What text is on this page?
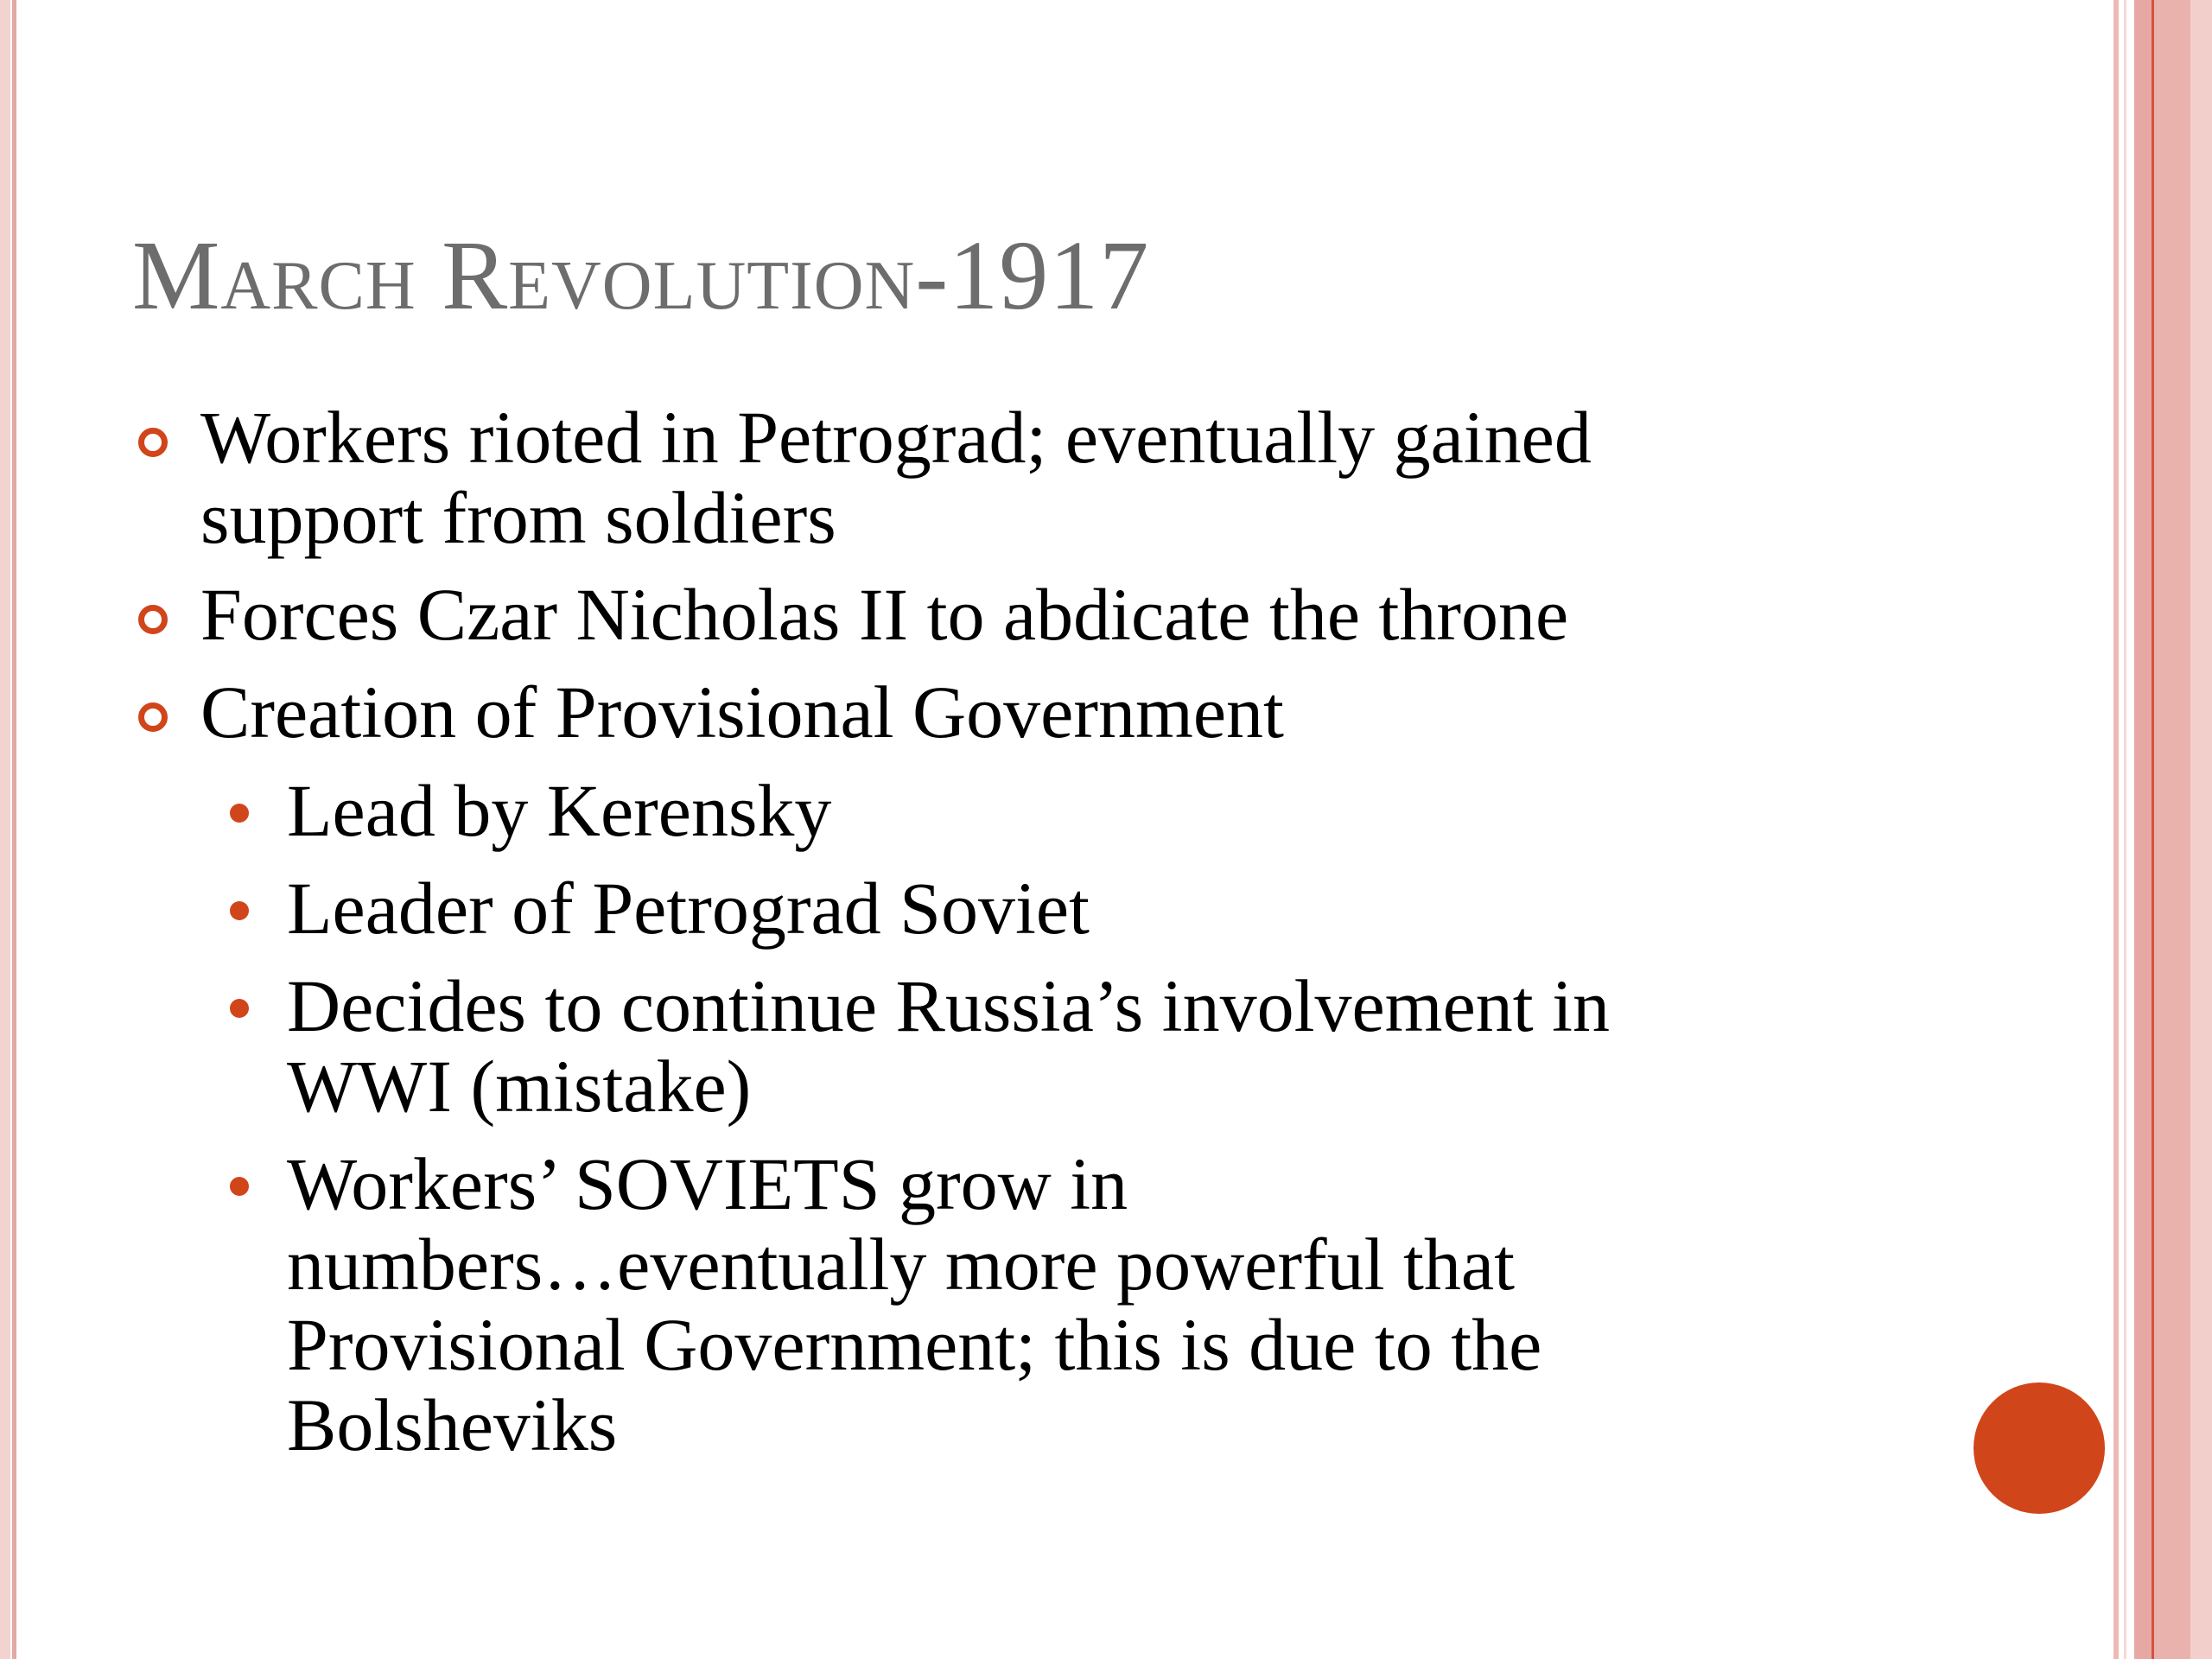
March Revolution-1917
Workers rioted in Petrograd; eventually gained
support from soldiers
Forces Czar Nicholas II to abdicate the throne
Creation of Provisional Government
Lead by Kerensky
Leader of Petrograd Soviet
Decides to continue Russia’s involvement in
WWI (mistake)
Workers’ SOVIETS grow in
numbers…eventually more powerful that
Provisional Government; this is due to the
Bolsheviks
